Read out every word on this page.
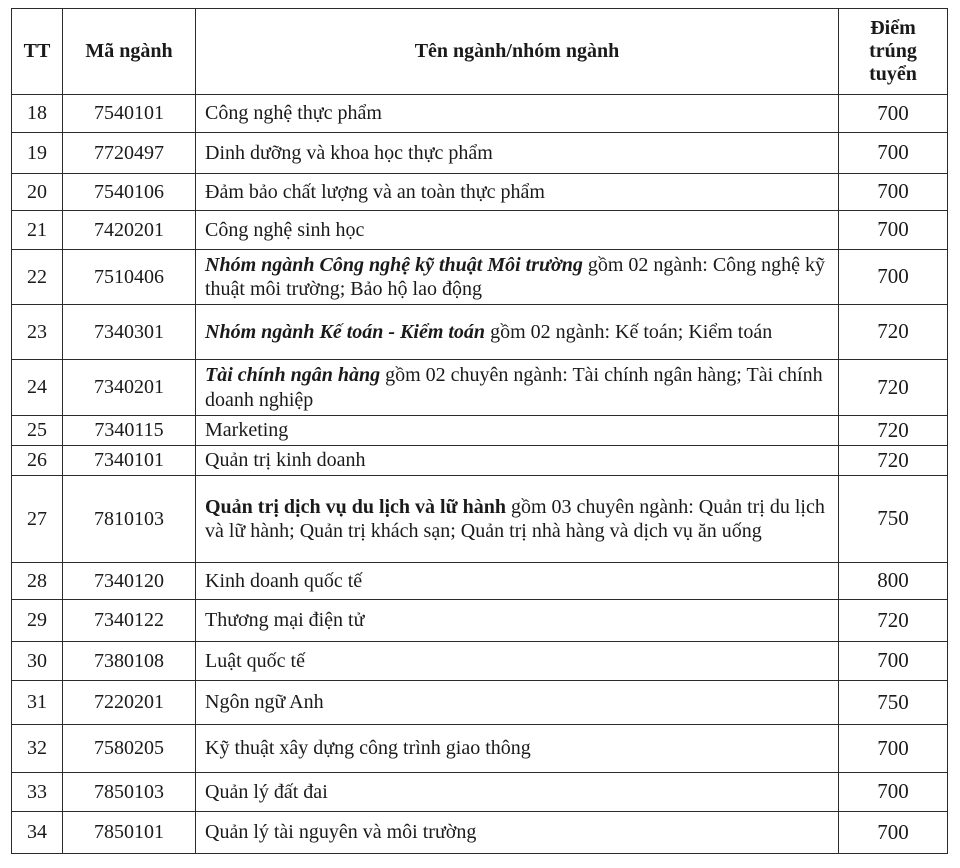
TT	Mã ngành	Tên ngành/nhóm ngành	Điểm trúng tuyển
18	7540101	Công nghệ thực phẩm	700
19	7720497	Dinh dưỡng và khoa học thực phẩm	700
20	7540106	Đảm bảo chất lượng và an toàn thực phẩm	700
21	7420201	Công nghệ sinh học	700
22	7510406	Nhóm ngành Công nghệ kỹ thuật Môi trường gồm 02 ngành: Công nghệ kỹ thuật môi trường; Bảo hộ lao động	700
23	7340301	Nhóm ngành Kế toán - Kiểm toán gồm 02 ngành: Kế toán; Kiểm toán	720
24	7340201	Tài chính ngân hàng gồm 02 chuyên ngành: Tài chính ngân hàng; Tài chính doanh nghiệp	720
25	7340115	Marketing	720
26	7340101	Quản trị kinh doanh	720
27	7810103	Quản trị dịch vụ du lịch và lữ hành gồm 03 chuyên ngành: Quản trị du lịch và lữ hành; Quản trị khách sạn; Quản trị nhà hàng và dịch vụ ăn uống	750
28	7340120	Kinh doanh quốc tế	800
29	7340122	Thương mại điện tử	720
30	7380108	Luật quốc tế	700
31	7220201	Ngôn ngữ Anh	750
32	7580205	Kỹ thuật xây dựng công trình giao thông	700
33	7850103	Quản lý đất đai	700
34	7850101	Quản lý tài nguyên và môi trường	700
